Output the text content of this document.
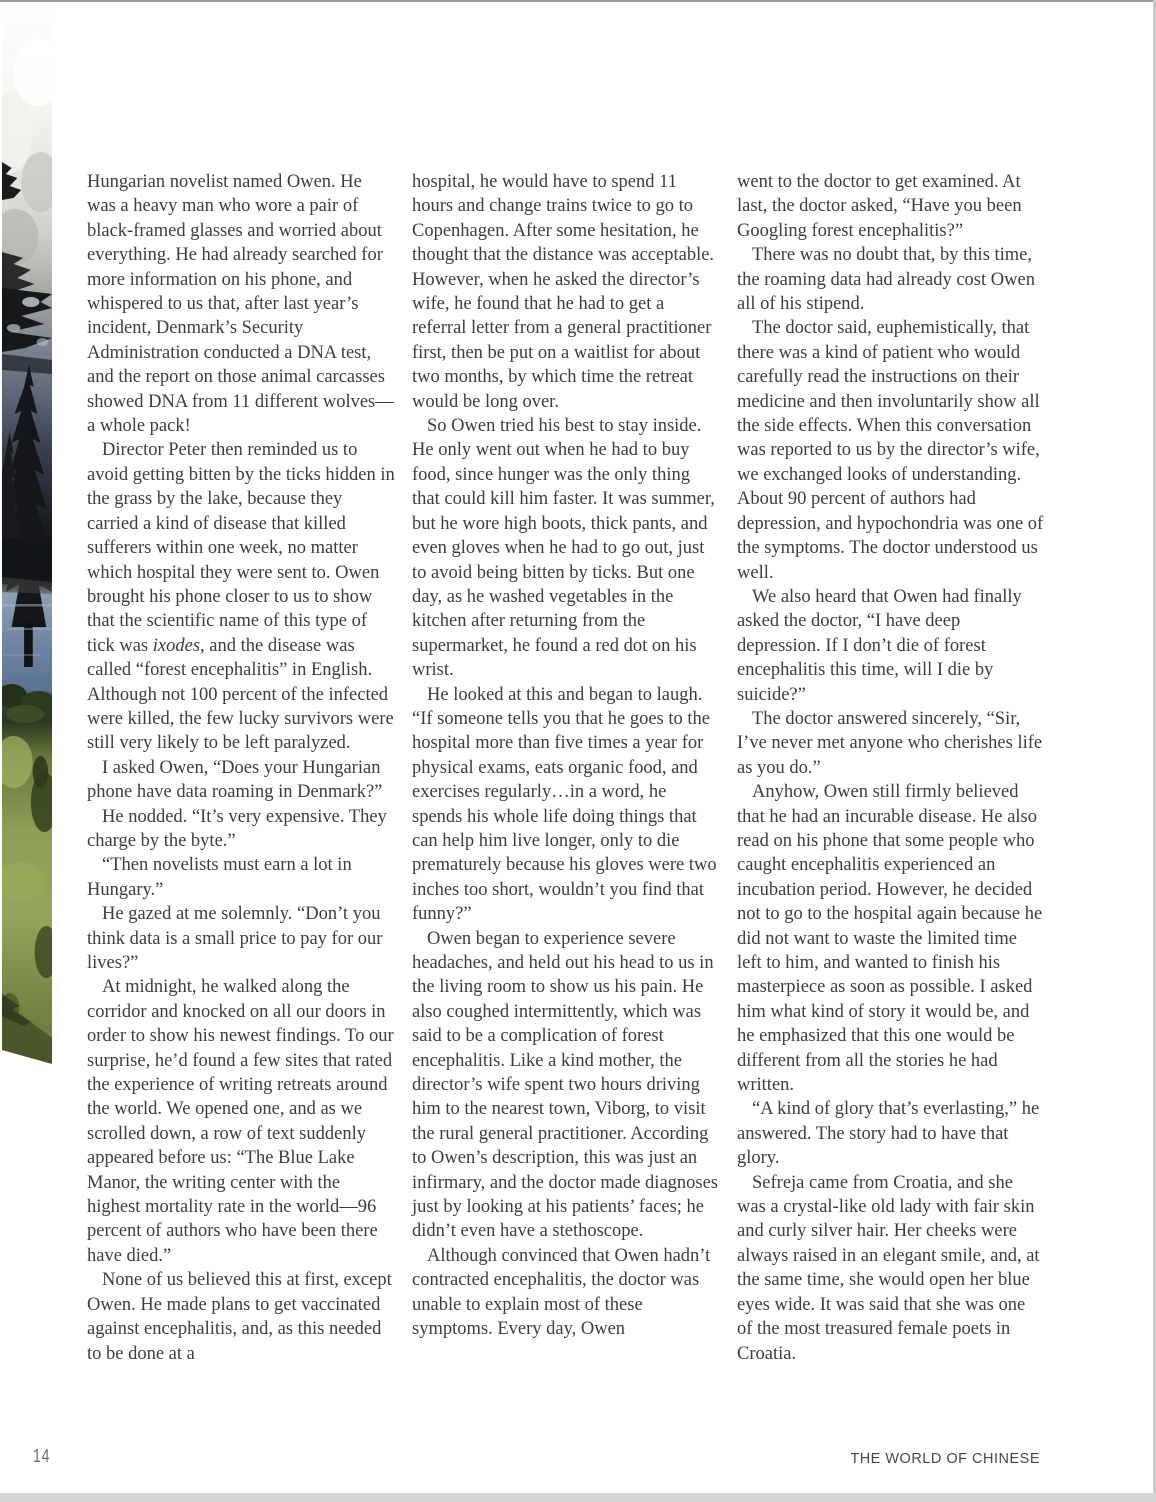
Hungarian novelist named Owen. He was a heavy man who wore a pair of black-framed glasses and worried about everything. He had already searched for more information on his phone, and whispered to us that, after last year’s incident, Denmark’s Security Administration conducted a DNA test, and the report on those animal carcasses showed DNA from 11 different wolves—a whole pack!

Director Peter then reminded us to avoid getting bitten by the ticks hidden in the grass by the lake, because they carried a kind of disease that killed sufferers within one week, no matter which hospital they were sent to. Owen brought his phone closer to us to show that the scientific name of this type of tick was ixodes, and the disease was called “forest encephalitis” in English. Although not 100 percent of the infected were killed, the few lucky survivors were still very likely to be left paralyzed.

I asked Owen, “Does your Hungarian phone have data roaming in Denmark?”

He nodded. “It’s very expensive. They charge by the byte.”

“Then novelists must earn a lot in Hungary.”

He gazed at me solemnly. “Don’t you think data is a small price to pay for our lives?”

At midnight, he walked along the corridor and knocked on all our doors in order to show his newest findings. To our surprise, he’d found a few sites that rated the experience of writing retreats around the world. We opened one, and as we scrolled down, a row of text suddenly appeared before us: “The Blue Lake Manor, the writing center with the highest mortality rate in the world—96 percent of authors who have been there have died.”

None of us believed this at first, except Owen. He made plans to get vaccinated against encephalitis, and, as this needed to be done at a

hospital, he would have to spend 11 hours and change trains twice to go to Copenhagen. After some hesitation, he thought that the distance was acceptable. However, when he asked the director’s wife, he found that he had to get a referral letter from a general practitioner first, then be put on a waitlist for about two months, by which time the retreat would be long over.

So Owen tried his best to stay inside. He only went out when he had to buy food, since hunger was the only thing that could kill him faster. It was summer, but he wore high boots, thick pants, and even gloves when he had to go out, just to avoid being bitten by ticks. But one day, as he washed vegetables in the kitchen after returning from the supermarket, he found a red dot on his wrist.

He looked at this and began to laugh. “If someone tells you that he goes to the hospital more than five times a year for physical exams, eats organic food, and exercises regularly…in a word, he spends his whole life doing things that can help him live longer, only to die prematurely because his gloves were two inches too short, wouldn’t you find that funny?”

Owen began to experience severe headaches, and held out his head to us in the living room to show us his pain. He also coughed intermittently, which was said to be a complication of forest encephalitis. Like a kind mother, the director’s wife spent two hours driving him to the nearest town, Viborg, to visit the rural general practitioner. According to Owen’s description, this was just an infirmary, and the doctor made diagnoses just by looking at his patients’ faces; he didn’t even have a stethoscope.

Although convinced that Owen hadn’t contracted encephalitis, the doctor was unable to explain most of these symptoms. Every day, Owen

went to the doctor to get examined. At last, the doctor asked, “Have you been Googling forest encephalitis?”

There was no doubt that, by this time, the roaming data had already cost Owen all of his stipend.

The doctor said, euphemistically, that there was a kind of patient who would carefully read the instructions on their medicine and then involuntarily show all the side effects. When this conversation was reported to us by the director’s wife, we exchanged looks of understanding. About 90 percent of authors had depression, and hypochondria was one of the symptoms. The doctor understood us well.

We also heard that Owen had finally asked the doctor, “I have deep depression. If I don’t die of forest encephalitis this time, will I die by suicide?”

The doctor answered sincerely, “Sir, I’ve never met anyone who cherishes life as you do.”

Anyhow, Owen still firmly believed that he had an incurable disease. He also read on his phone that some people who caught encephalitis experienced an incubation period. However, he decided not to go to the hospital again because he did not want to waste the limited time left to him, and wanted to finish his masterpiece as soon as possible. I asked him what kind of story it would be, and he emphasized that this one would be different from all the stories he had written.

“A kind of glory that’s everlasting,” he answered. The story had to have that glory.

Sefreja came from Croatia, and she was a crystal-like old lady with fair skin and curly silver hair. Her cheeks were always raised in an elegant smile, and, at the same time, she would open her blue eyes wide. It was said that she was one of the most treasured female poets in Croatia.

14	THE WORLD OF CHINESE
